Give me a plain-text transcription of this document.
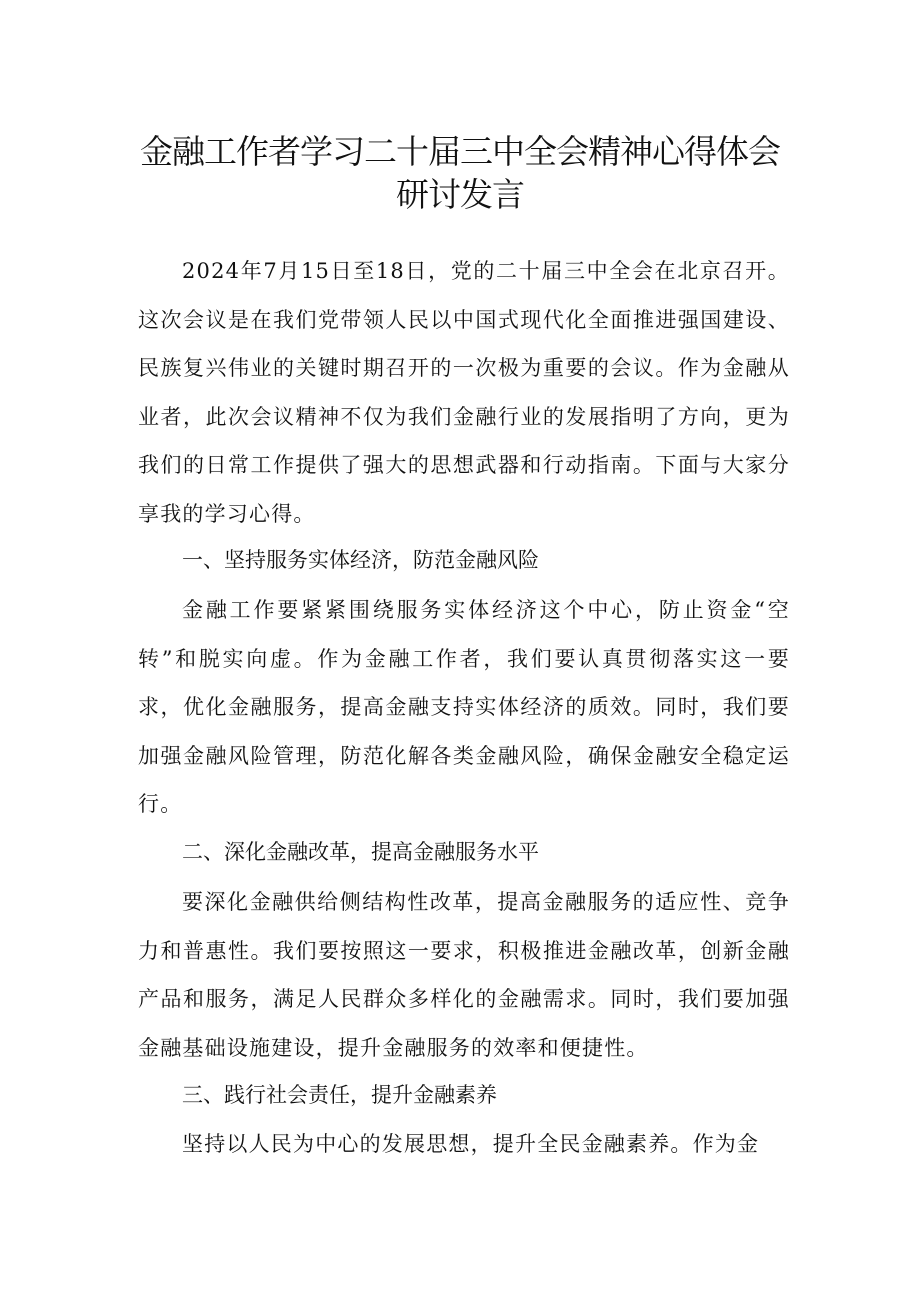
金融工作者学习二十届三中全会精神心得体会
研讨发言

2024年7月15日至18日，党的二十届三中全会在北京召开。这次会议是在我们党带领人民以中国式现代化全面推进强国建设、民族复兴伟业的关键时期召开的一次极为重要的会议。作为金融从业者，此次会议精神不仅为我们金融行业的发展指明了方向，更为我们的日常工作提供了强大的思想武器和行动指南。下面与大家分享我的学习心得。

一、坚持服务实体经济，防范金融风险

金融工作要紧紧围绕服务实体经济这个中心，防止资金“空转”和脱实向虚。作为金融工作者，我们要认真贯彻落实这一要求，优化金融服务，提高金融支持实体经济的质效。同时，我们要加强金融风险管理，防范化解各类金融风险，确保金融安全稳定运行。

二、深化金融改革，提高金融服务水平

要深化金融供给侧结构性改革，提高金融服务的适应性、竞争力和普惠性。我们要按照这一要求，积极推进金融改革，创新金融产品和服务，满足人民群众多样化的金融需求。同时，我们要加强金融基础设施建设，提升金融服务的效率和便捷性。

三、践行社会责任，提升金融素养

坚持以人民为中心的发展思想，提升全民金融素养。作为金
